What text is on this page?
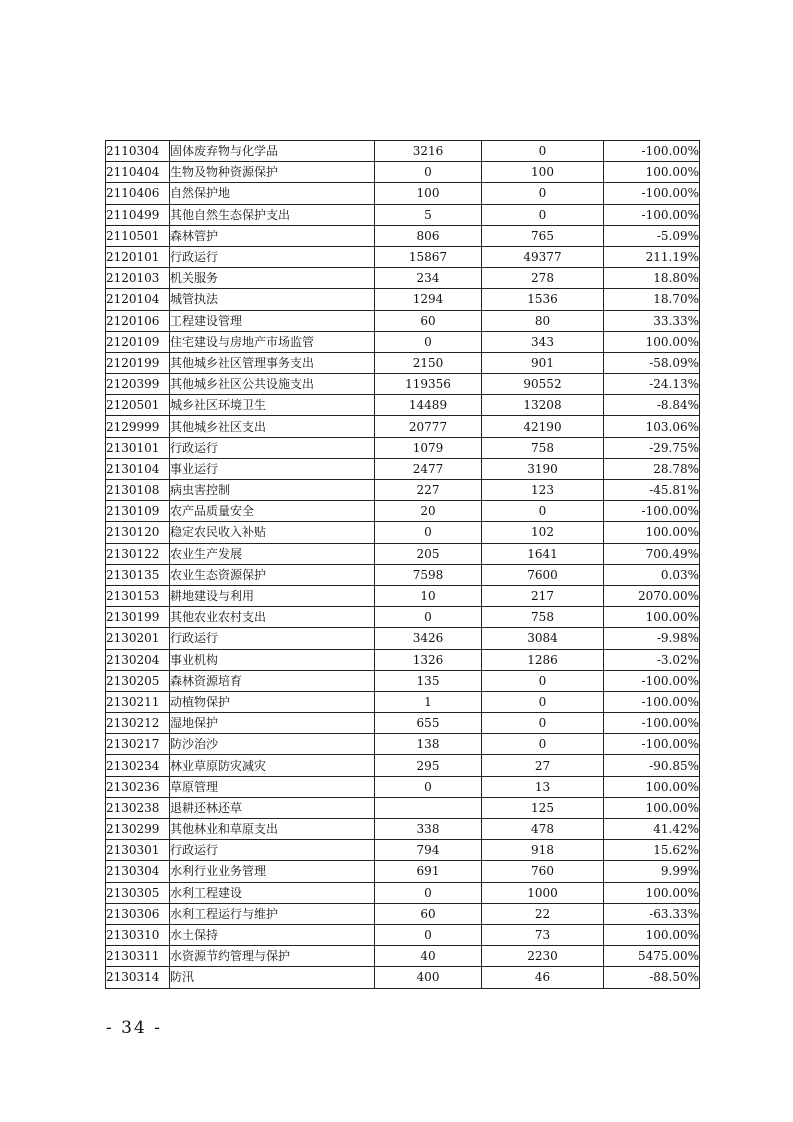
2110304	固体废弃物与化学品	3216	0	-100.00%
2110404	生物及物种资源保护	0	100	100.00%
2110406	自然保护地	100	0	-100.00%
2110499	其他自然生态保护支出	5	0	-100.00%
2110501	森林管护	806	765	-5.09%
2120101	行政运行	15867	49377	211.19%
2120103	机关服务	234	278	18.80%
2120104	城管执法	1294	1536	18.70%
2120106	工程建设管理	60	80	33.33%
2120109	住宅建设与房地产市场监管	0	343	100.00%
2120199	其他城乡社区管理事务支出	2150	901	-58.09%
2120399	其他城乡社区公共设施支出	119356	90552	-24.13%
2120501	城乡社区环境卫生	14489	13208	-8.84%
2129999	其他城乡社区支出	20777	42190	103.06%
2130101	行政运行	1079	758	-29.75%
2130104	事业运行	2477	3190	28.78%
2130108	病虫害控制	227	123	-45.81%
2130109	农产品质量安全	20	0	-100.00%
2130120	稳定农民收入补贴	0	102	100.00%
2130122	农业生产发展	205	1641	700.49%
2130135	农业生态资源保护	7598	7600	0.03%
2130153	耕地建设与利用	10	217	2070.00%
2130199	其他农业农村支出	0	758	100.00%
2130201	行政运行	3426	3084	-9.98%
2130204	事业机构	1326	1286	-3.02%
2130205	森林资源培育	135	0	-100.00%
2130211	动植物保护	1	0	-100.00%
2130212	湿地保护	655	0	-100.00%
2130217	防沙治沙	138	0	-100.00%
2130234	林业草原防灾减灾	295	27	-90.85%
2130236	草原管理	0	13	100.00%
2130238	退耕还林还草		125	100.00%
2130299	其他林业和草原支出	338	478	41.42%
2130301	行政运行	794	918	15.62%
2130304	水利行业业务管理	691	760	9.99%
2130305	水利工程建设	0	1000	100.00%
2130306	水利工程运行与维护	60	22	-63.33%
2130310	水土保持	0	73	100.00%
2130311	水资源节约管理与保护	40	2230	5475.00%
2130314	防汛	400	46	-88.50%
- 34 -
